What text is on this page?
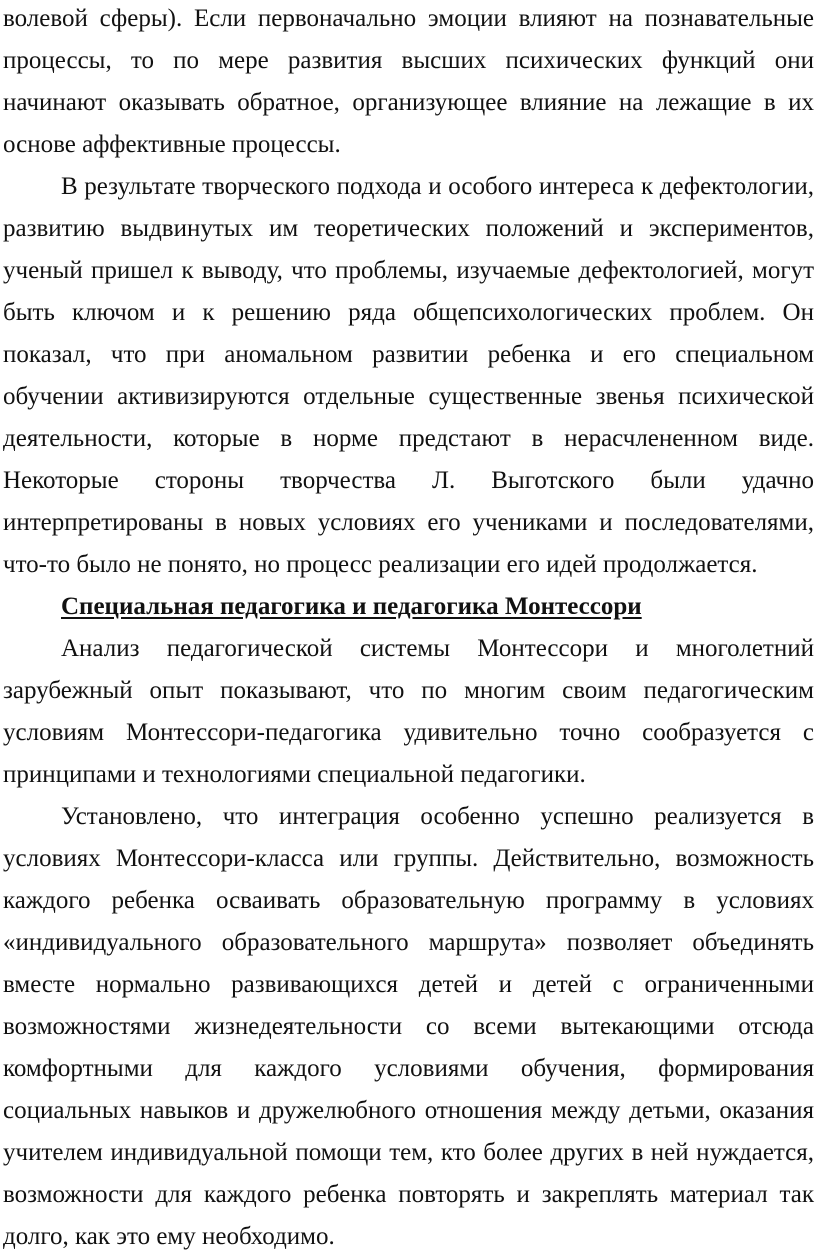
волевой сферы). Если первоначально эмоции влияют на познавательные процессы, то по мере развития высших психических функций они начинают оказывать обратное, организующее влияние на лежащие в их основе аффективные процессы.

В результате творческого подхода и особого интереса к дефектологии, развитию выдвинутых им теоретических положений и экспериментов, ученый пришел к выводу, что проблемы, изучаемые дефектологией, могут быть ключом и к решению ряда общепсихологических проблем. Он показал, что при аномальном развитии ребенка и его специальном обучении активизируются отдельные существенные звенья психической деятельности, которые в норме предстают в нерасчлененном виде. Некоторые стороны творчества Л. Выготского были удачно интерпретированы в новых условиях его учениками и последователями, что-то было не понято, но процесс реализации его идей продолжается.

Специальная педагогика и педагогика Монтессори

Анализ педагогической системы Монтессори и многолетний зарубежный опыт показывают, что по многим своим педагогическим условиям Монтессори-педагогика удивительно точно сообразуется с принципами и технологиями специальной педагогики.

Установлено, что интеграция особенно успешно реализуется в условиях Монтессори-класса или группы. Действительно, возможность каждого ребенка осваивать образовательную программу в условиях «индивидуального образовательного маршрута» позволяет объединять вместе нормально развивающихся детей и детей с ограниченными возможностями жизнедеятельности со всеми вытекающими отсюда комфортными для каждого условиями обучения, формирования социальных навыков и дружелюбного отношения между детьми, оказания учителем индивидуальной помощи тем, кто более других в ней нуждается, возможности для каждого ребенка повторять и закреплять материал так долго, как это ему необходимо.
